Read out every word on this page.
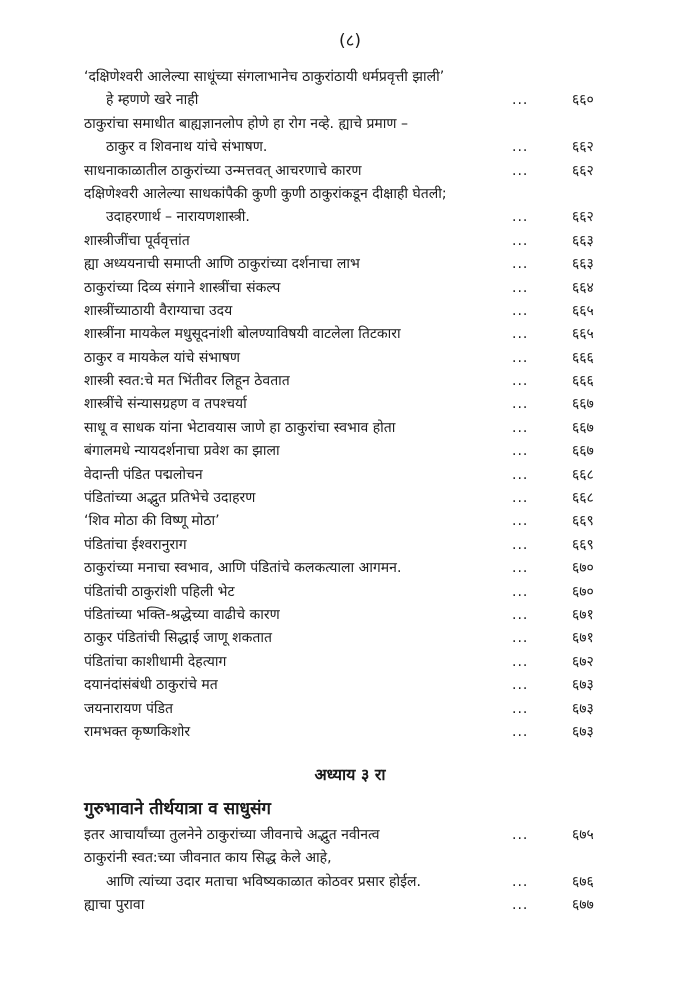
(८)
‘दक्षिणेश्वरी आलेल्या साधूंच्या संगलाभानेच ठाकुरांठायी धर्मप्रवृत्ती झाली’
हे म्हणणे खरे नाही	...	६६०
ठाकुरांचा समाधीत बाह्यज्ञानलोप होणे हा रोग नव्हे. ह्याचे प्रमाण –
ठाकुर व शिवनाथ यांचे संभाषण.	...	६६२
साधनाकाळातील ठाकुरांच्या उन्मत्तवत् आचरणाचे कारण	...	६६२
दक्षिणेश्वरी आलेल्या साधकांपैकी कुणी कुणी ठाकुरांकडून दीक्षाही घेतली;
उदाहरणार्थ – नारायणशास्त्री.	...	६६२
शास्त्रीजींचा पूर्ववृत्तांत	...	६६३
ह्या अध्ययनाची समाप्ती आणि ठाकुरांच्या दर्शनाचा लाभ	...	६६३
ठाकुरांच्या दिव्य संगाने शास्त्रींचा संकल्प	...	६६४
शास्त्रींच्याठायी वैराग्याचा उदय	...	६६५
शास्त्रींना मायकेल मधुसूदनांशी बोलण्याविषयी वाटलेला तिटकारा	...	६६५
ठाकुर व मायकेल यांचे संभाषण	...	६६६
शास्त्री स्वत:चे मत भिंतीवर लिहून ठेवतात	...	६६६
शास्त्रींचे संन्यासग्रहण व तपश्चर्या	...	६६७
साधू व साधक यांना भेटावयास जाणे हा ठाकुरांचा स्वभाव होता	...	६६७
बंगालमधे न्यायदर्शनाचा प्रवेश का झाला	...	६६७
वेदान्ती पंडित पद्मलोचन	...	६६८
पंडितांच्या अद्भुत प्रतिभेचे उदाहरण	...	६६८
‘शिव मोठा की विष्णू मोठा’	...	६६९
पंडितांचा ईश्वरानुराग	...	६६९
ठाकुरांच्या मनाचा स्वभाव, आणि पंडितांचे कलकत्याला आगमन.	...	६७०
पंडितांची ठाकुरांशी पहिली भेट	...	६७०
पंडितांच्या भक्ति-श्रद्धेच्या वाढीचे कारण	...	६७१
ठाकुर पंडितांची सिद्धाई जाणू शकतात	...	६७१
पंडितांचा काशीधामी देहत्याग	...	६७२
दयानंदांसंबंधी ठाकुरांचे मत	...	६७३
जयनारायण पंडित	...	६७३
रामभक्त कृष्णकिशोर	...	६७३
अध्याय ३ रा
गुरुभावाने तीर्थयात्रा व साधुसंग
इतर आचार्यांच्या तुलनेने ठाकुरांच्या जीवनाचे अद्भुत नवीनत्व	...	६७५
ठाकुरांनी स्वत:च्या जीवनात काय सिद्ध केले आहे,
आणि त्यांच्या उदार मताचा भविष्यकाळात कोठवर प्रसार होईल.	...	६७६
ह्याचा पुरावा	...	६७७
